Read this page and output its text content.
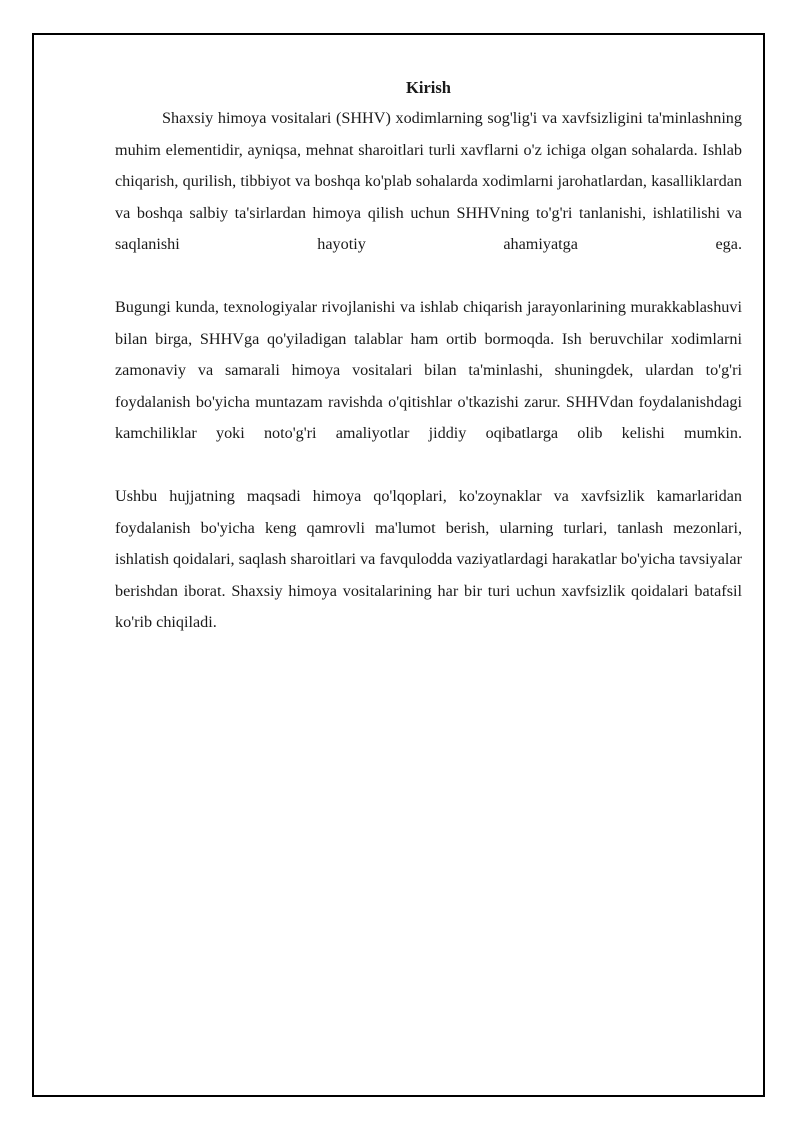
Kirish

Shaxsiy himoya vositalari (SHHV) xodimlarning sog'lig'i va xavfsizligini ta'minlashning muhim elementidir, ayniqsa, mehnat sharoitlari turli xavflarni o'z ichiga olgan sohalarda. Ishlab chiqarish, qurilish, tibbiyot va boshqa ko'plab sohalarda xodimlarni jarohatlardan, kasalliklardan va boshqa salbiy ta'sirlardan himoya qilish uchun SHHVning to'g'ri tanlanishi, ishlatilishi va saqlanishi hayotiy ahamiyatga ega.

Bugungi kunda, texnologiyalar rivojlanishi va ishlab chiqarish jarayonlarining murakkablashuvi bilan birga, SHHVga qo'yiladigan talablar ham ortib bormoqda. Ish beruvchilar xodimlarni zamonaviy va samarali himoya vositalari bilan ta'minlashi, shuningdek, ulardan to'g'ri foydalanish bo'yicha muntazam ravishda o'qitishlar o'tkazishi zarur. SHHVdan foydalanishdagi kamchiliklar yoki noto'g'ri amaliyotlar jiddiy oqibatlarga olib kelishi mumkin.

Ushbu hujjatning maqsadi himoya qo'lqoplari, ko'zoynaklar va xavfsizlik kamarlaridan foydalanish bo'yicha keng qamrovli ma'lumot berish, ularning turlari, tanlash mezonlari, ishlatish qoidalari, saqlash sharoitlari va favqulodda vaziyatlardagi harakatlar bo'yicha tavsiyalar berishdan iborat. Shaxsiy himoya vositalarining har bir turi uchun xavfsizlik qoidalari batafsil ko'rib chiqiladi.
